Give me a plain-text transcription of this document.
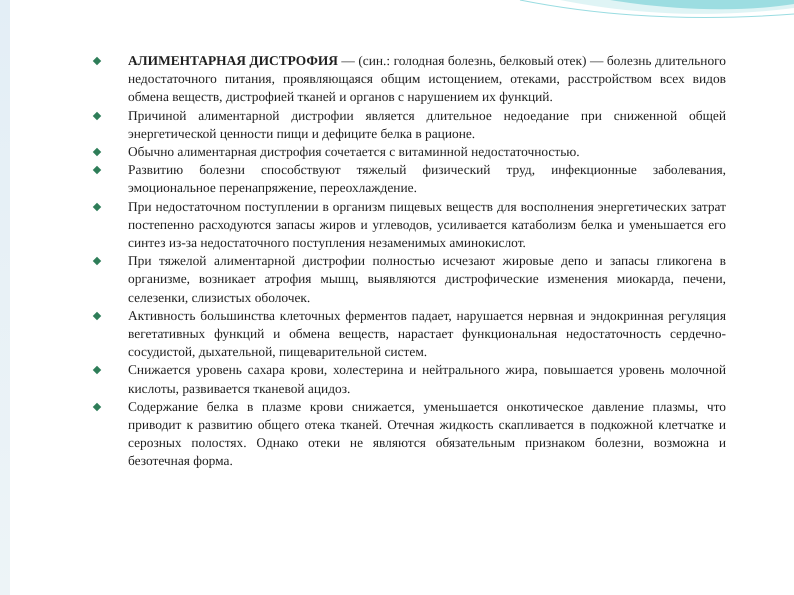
АЛИМЕНТАРНАЯ ДИСТРОФИЯ — (син.: голодная болезнь, белковый отек) — болезнь длительного недостаточного питания, проявляющаяся общим истощением, отеками, расстройством всех видов обмена веществ, дистрофией тканей и органов с нарушением их функций.
Причиной алиментарной дистрофии является длительное недоедание при сниженной общей энергетической ценности пищи и дефиците белка в рационе.
Обычно алиментарная дистрофия сочетается с витаминной недостаточностью.
Развитию болезни способствуют тяжелый физический труд, инфекционные заболевания, эмоциональное перенапряжение, переохлаждение.
При недостаточном поступлении в организм пищевых веществ для восполнения энергетических затрат постепенно расходуются запасы жиров и углеводов, усиливается катаболизм белка и уменьшается его синтез из-за недостаточного поступления незаменимых аминокислот.
При тяжелой алиментарной дистрофии полностью исчезают жировые депо и запасы гликогена в организме, возникает атрофия мышц, выявляются дистрофические изменения миокарда, печени, селезенки, слизистых оболочек.
Активность большинства клеточных ферментов падает, нарушается нервная и эндокринная регуляция вегетативных функций и обмена веществ, нарастает функциональная недостаточность сердечно-сосудистой, дыхательной, пищеварительной систем.
Снижается уровень сахара крови, холестерина и нейтрального жира, повышается уровень молочной кислоты, развивается тканевой ацидоз.
Содержание белка в плазме крови снижается, уменьшается онкотическое давление плазмы, что приводит к развитию общего отека тканей. Отечная жидкость скапливается в подкожной клетчатке и серозных полостях. Однако отеки не являются обязательным признаком болезни, возможна и безотечная форма.
